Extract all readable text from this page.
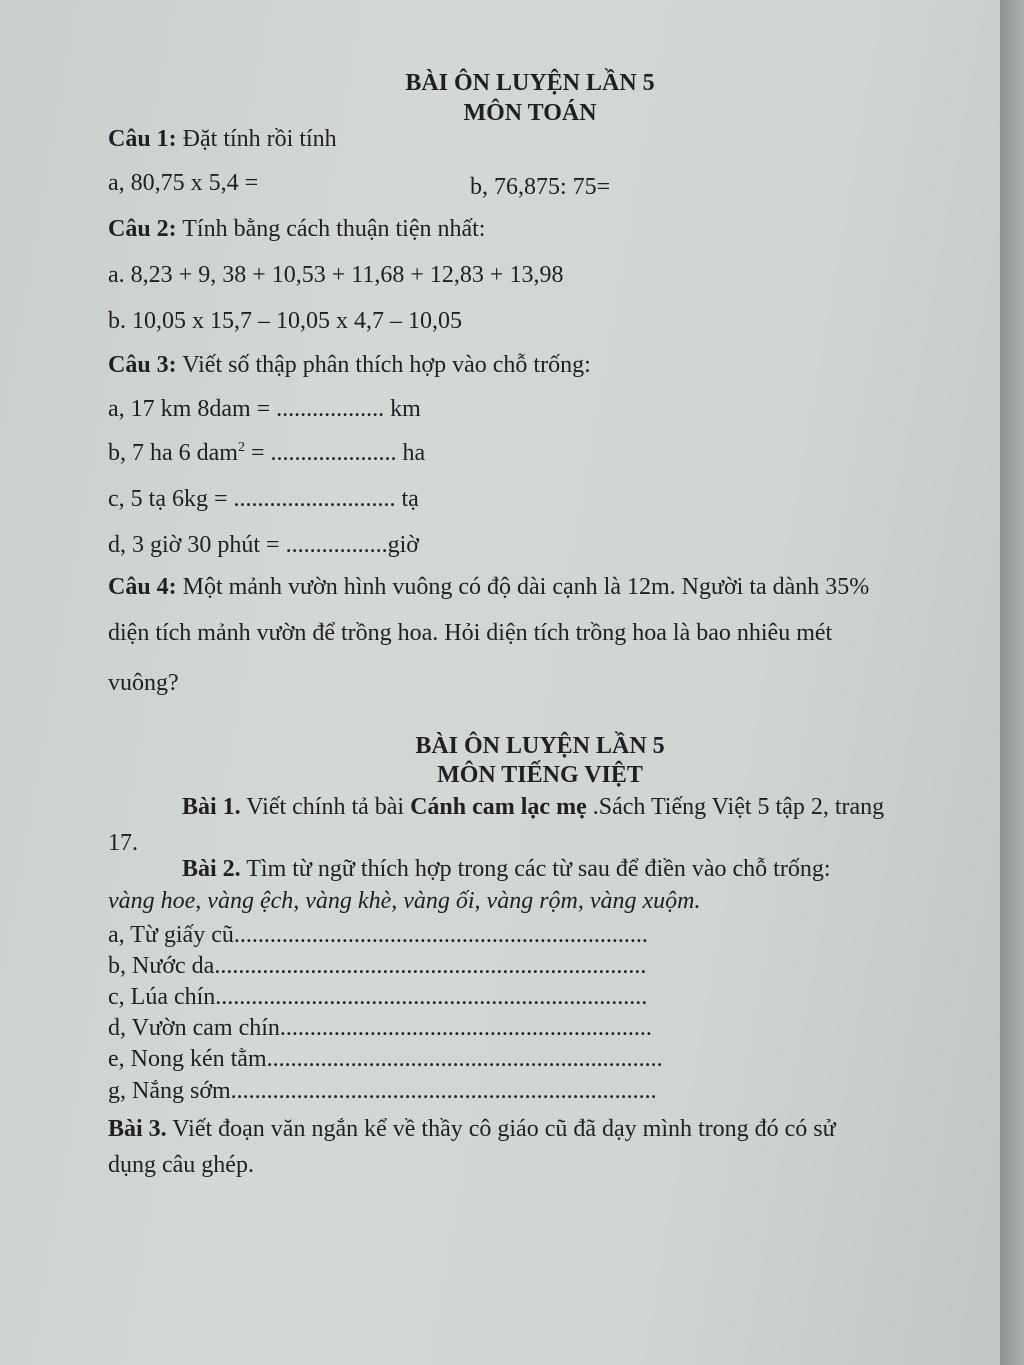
BÀI ÔN LUYỆN LẦN 5
MÔN TOÁN
Câu 1: Đặt tính rồi tính
a, 80,75 x 5,4 =	b, 76,875: 75=
Câu 2: Tính bằng cách thuận tiện nhất:
a. 8,23 + 9, 38 + 10,53 + 11,68 + 12,83 + 13,98
b. 10,05 x 15,7 – 10,05 x 4,7 – 10,05
Câu 3: Viết số thập phân thích hợp vào chỗ trống:
a, 17 km 8dam = .................. km
b, 7 ha 6 dam$^2$ = ..................... ha
c, 5 tạ 6kg = ........................... tạ
d, 3 giờ 30 phút = .................giờ
Câu 4: Một mảnh vườn hình vuông có độ dài cạnh là 12m. Người ta dành 35%
diện tích mảnh vườn để trồng hoa. Hỏi diện tích trồng hoa là bao nhiêu mét
vuông?
BÀI ÔN LUYỆN LẦN 5
MÔN TIẾNG VIỆT
Bài 1. Viết chính tả bài Cánh cam lạc mẹ .Sách Tiếng Việt 5 tập 2, trang
17.
Bài 2. Tìm từ ngữ thích hợp trong các từ sau để điền vào chỗ trống:
vàng hoe, vàng ệch, vàng khè, vàng ối, vàng rộm, vàng xuộm.
a, Từ giấy cũ.....................................................................
b, Nước da........................................................................
c, Lúa chín........................................................................
d, Vườn cam chín..............................................................
e, Nong kén tằm..................................................................
g, Nắng sớm.......................................................................
Bài 3. Viết đoạn văn ngắn kể về thầy cô giáo cũ đã dạy mình trong đó có sử
dụng câu ghép.
